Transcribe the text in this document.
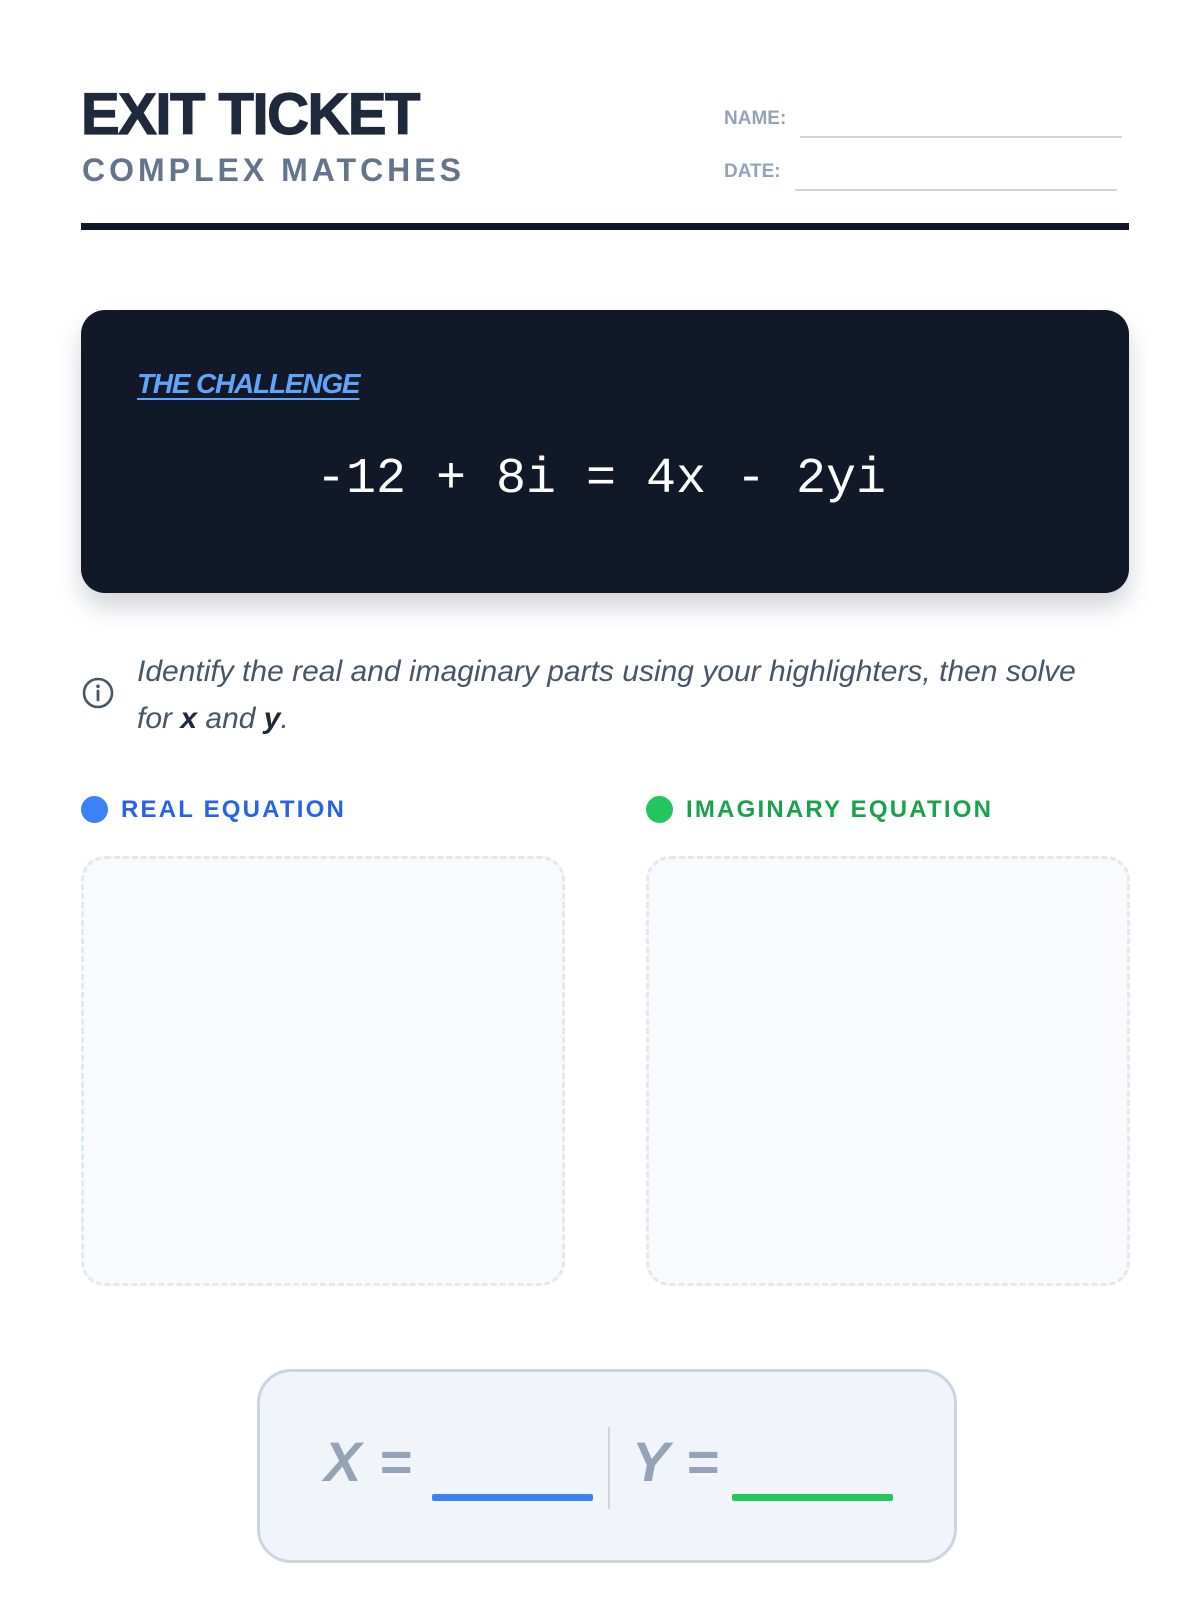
EXIT TICKET
COMPLEX MATCHES
NAME:
DATE:
THE CHALLENGE
-12 + 8i = 4x - 2yi

Identify the real and imaginary parts using your highlighters, then solve for x and y.

REAL EQUATION	IMAGINARY EQUATION
X =	Y =
